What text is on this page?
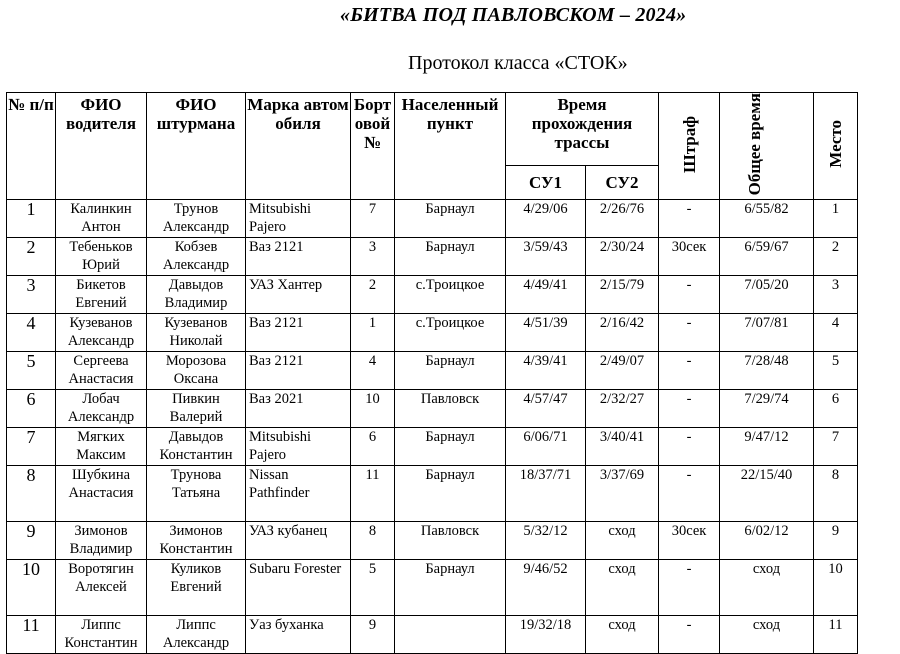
«БИТВА ПОД ПАВЛОВСКОМ – 2024»
Протокол класса «СТОК»
№ п/п	ФИО водителя	ФИО штурмана	Марка автомобиля	Бортовой №	Населенный пункт	Время прохождения трассы		Штраф	Общее время	Место
						СУ1	СУ2			
1	Калинкин Антон	Трунов Александр	Mitsubishi Pajero	7	Барнаул	4/29/06	2/26/76	-	6/55/82	1
2	Тебеньков Юрий	Кобзев Александр	Ваз 2121	3	Барнаул	3/59/43	2/30/24	30сек	6/59/67	2
3	Бикетов Евгений	Давыдов Владимир	УАЗ Хантер	2	с.Троицкое	4/49/41	2/15/79	-	7/05/20	3
4	Кузеванов Александр	Кузеванов Николай	Ваз 2121	1	с.Троицкое	4/51/39	2/16/42	-	7/07/81	4
5	Сергеева Анастасия	Морозова Оксана	Ваз 2121	4	Барнаул	4/39/41	2/49/07	-	7/28/48	5
6	Лобач Александр	Пивкин Валерий	Ваз 2021	10	Павловск	4/57/47	2/32/27	-	7/29/74	6
7	Мягких Максим	Давыдов Константин	Mitsubishi Pajero	6	Барнаул	6/06/71	3/40/41	-	9/47/12	7
8	Шубкина Анастасия	Трунова Татьяна	Nissan Pathfinder	11	Барнаул	18/37/71	3/37/69	-	22/15/40	8
9	Зимонов Владимир	Зимонов Константин	УАЗ кубанец	8	Павловск	5/32/12	сход	30сек	6/02/12	9
10	Воротягин Алексей	Куликов Евгений	Subaru Forester	5	Барнаул	9/46/52	сход	-	сход	10
11	Липпс Константин	Липпс Александр	Уаз буханка	9		19/32/18	сход	-	сход	11
